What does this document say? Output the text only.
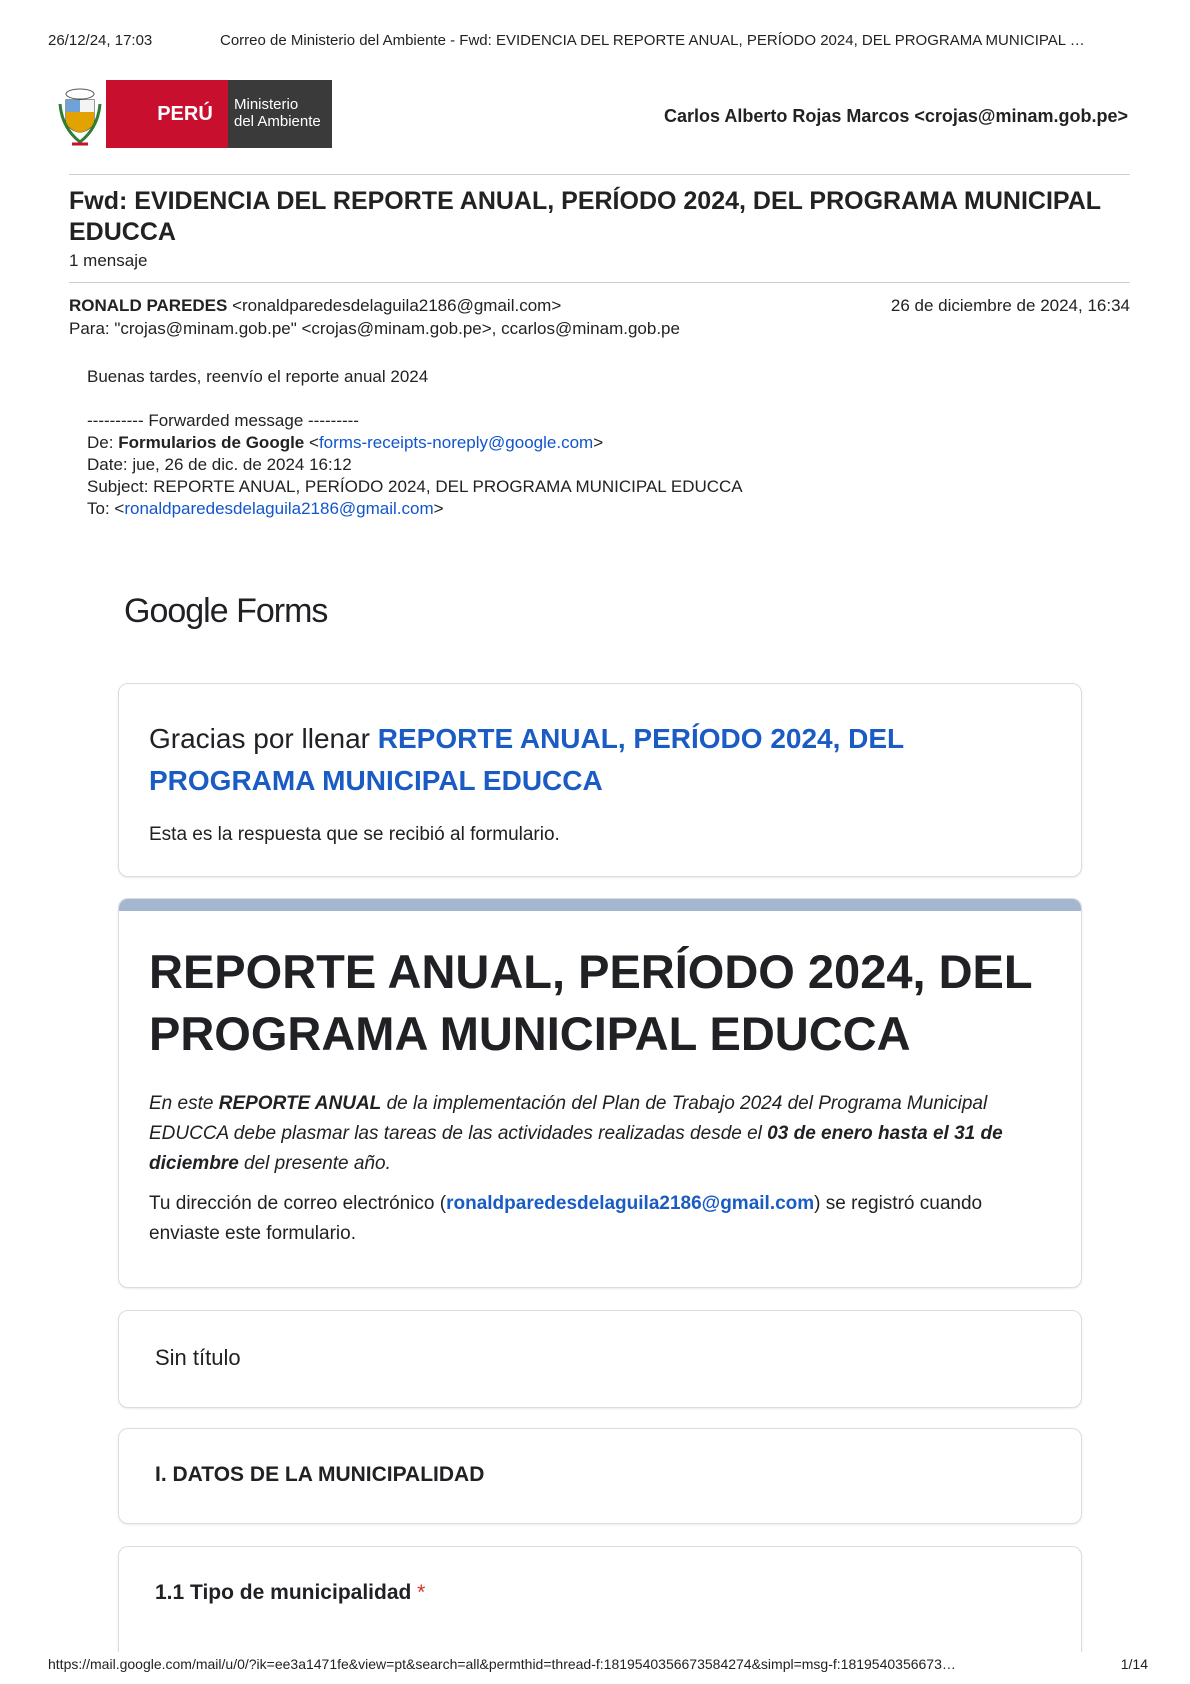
26/12/24, 17:03	Correo de Ministerio del Ambiente - Fwd: EVIDENCIA DEL REPORTE ANUAL, PERÍODO 2024, DEL PROGRAMA MUNICIPAL …
PERÚ	Ministerio
del Ambiente	Carlos Alberto Rojas Marcos <crojas@minam.gob.pe>
Fwd: EVIDENCIA DEL REPORTE ANUAL, PERÍODO 2024, DEL PROGRAMA MUNICIPAL EDUCCA
1 mensaje
RONALD PAREDES <ronaldparedesdelaguila2186@gmail.com>	26 de diciembre de 2024, 16:34
Para: "crojas@minam.gob.pe" <crojas@minam.gob.pe>, ccarlos@minam.gob.pe
Buenas tardes, reenvío el reporte anual 2024
---------- Forwarded message ---------
De: Formularios de Google <forms-receipts-noreply@google.com>
Date: jue, 26 de dic. de 2024 16:12
Subject: REPORTE ANUAL, PERÍODO 2024, DEL PROGRAMA MUNICIPAL EDUCCA
To: <ronaldparedesdelaguila2186@gmail.com>
Google Forms
Gracias por llenar REPORTE ANUAL, PERÍODO 2024, DEL PROGRAMA MUNICIPAL EDUCCA
Esta es la respuesta que se recibió al formulario.
REPORTE ANUAL, PERÍODO 2024, DEL PROGRAMA MUNICIPAL EDUCCA
En este REPORTE ANUAL de la implementación del Plan de Trabajo 2024 del Programa Municipal EDUCCA debe plasmar las tareas de las actividades realizadas desde el 03 de enero hasta el 31 de diciembre del presente año.
Tu dirección de correo electrónico (ronaldparedesdelaguila2186@gmail.com) se registró cuando enviaste este formulario.
Sin título
I. DATOS DE LA MUNICIPALIDAD
1.1 Tipo de municipalidad *
https://mail.google.com/mail/u/0/?ik=ee3a1471fe&view=pt&search=all&permthid=thread-f:1819540356673584274&simpl=msg-f:1819540356673…	1/14
